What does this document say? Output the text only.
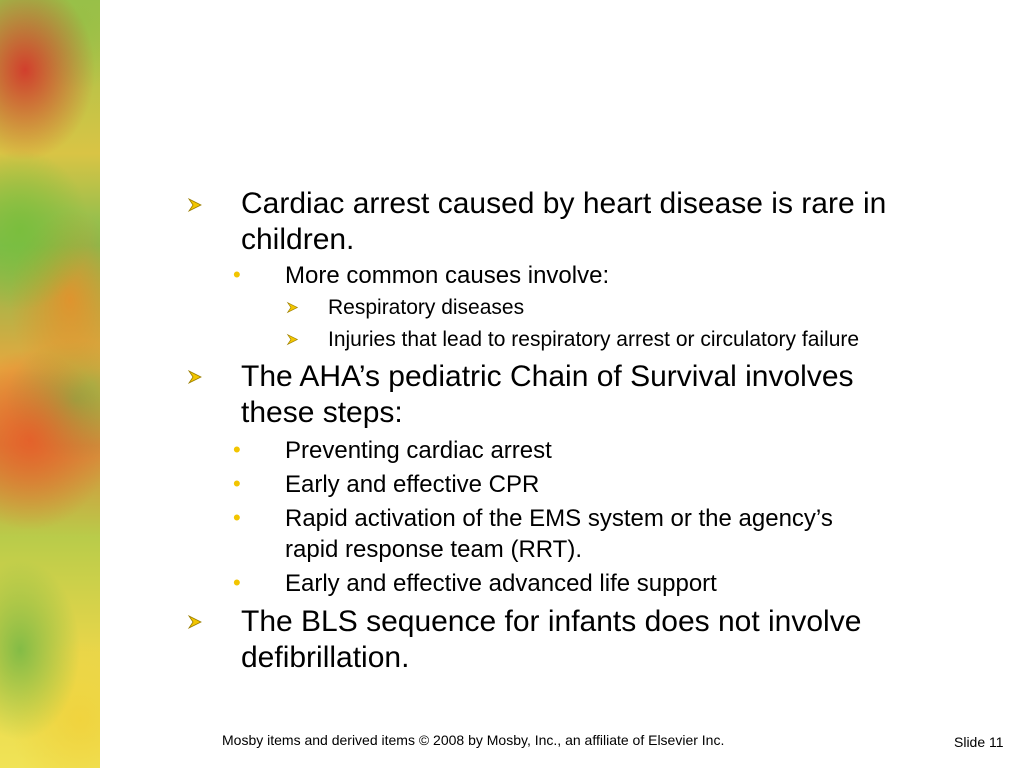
Cardiac arrest caused by heart disease is rare in
children.
• More common causes involve:
Respiratory diseases
Injuries that lead to respiratory arrest or circulatory failure
The AHA’s pediatric Chain of Survival involves
these steps:
• Preventing cardiac arrest
• Early and effective CPR
• Rapid activation of the EMS system or the agency’s
rapid response team (RRT).
• Early and effective advanced life support
The BLS sequence for infants does not involve
defibrillation.
Mosby items and derived items © 2008 by Mosby, Inc., an affiliate of Elsevier Inc.	Slide 11
